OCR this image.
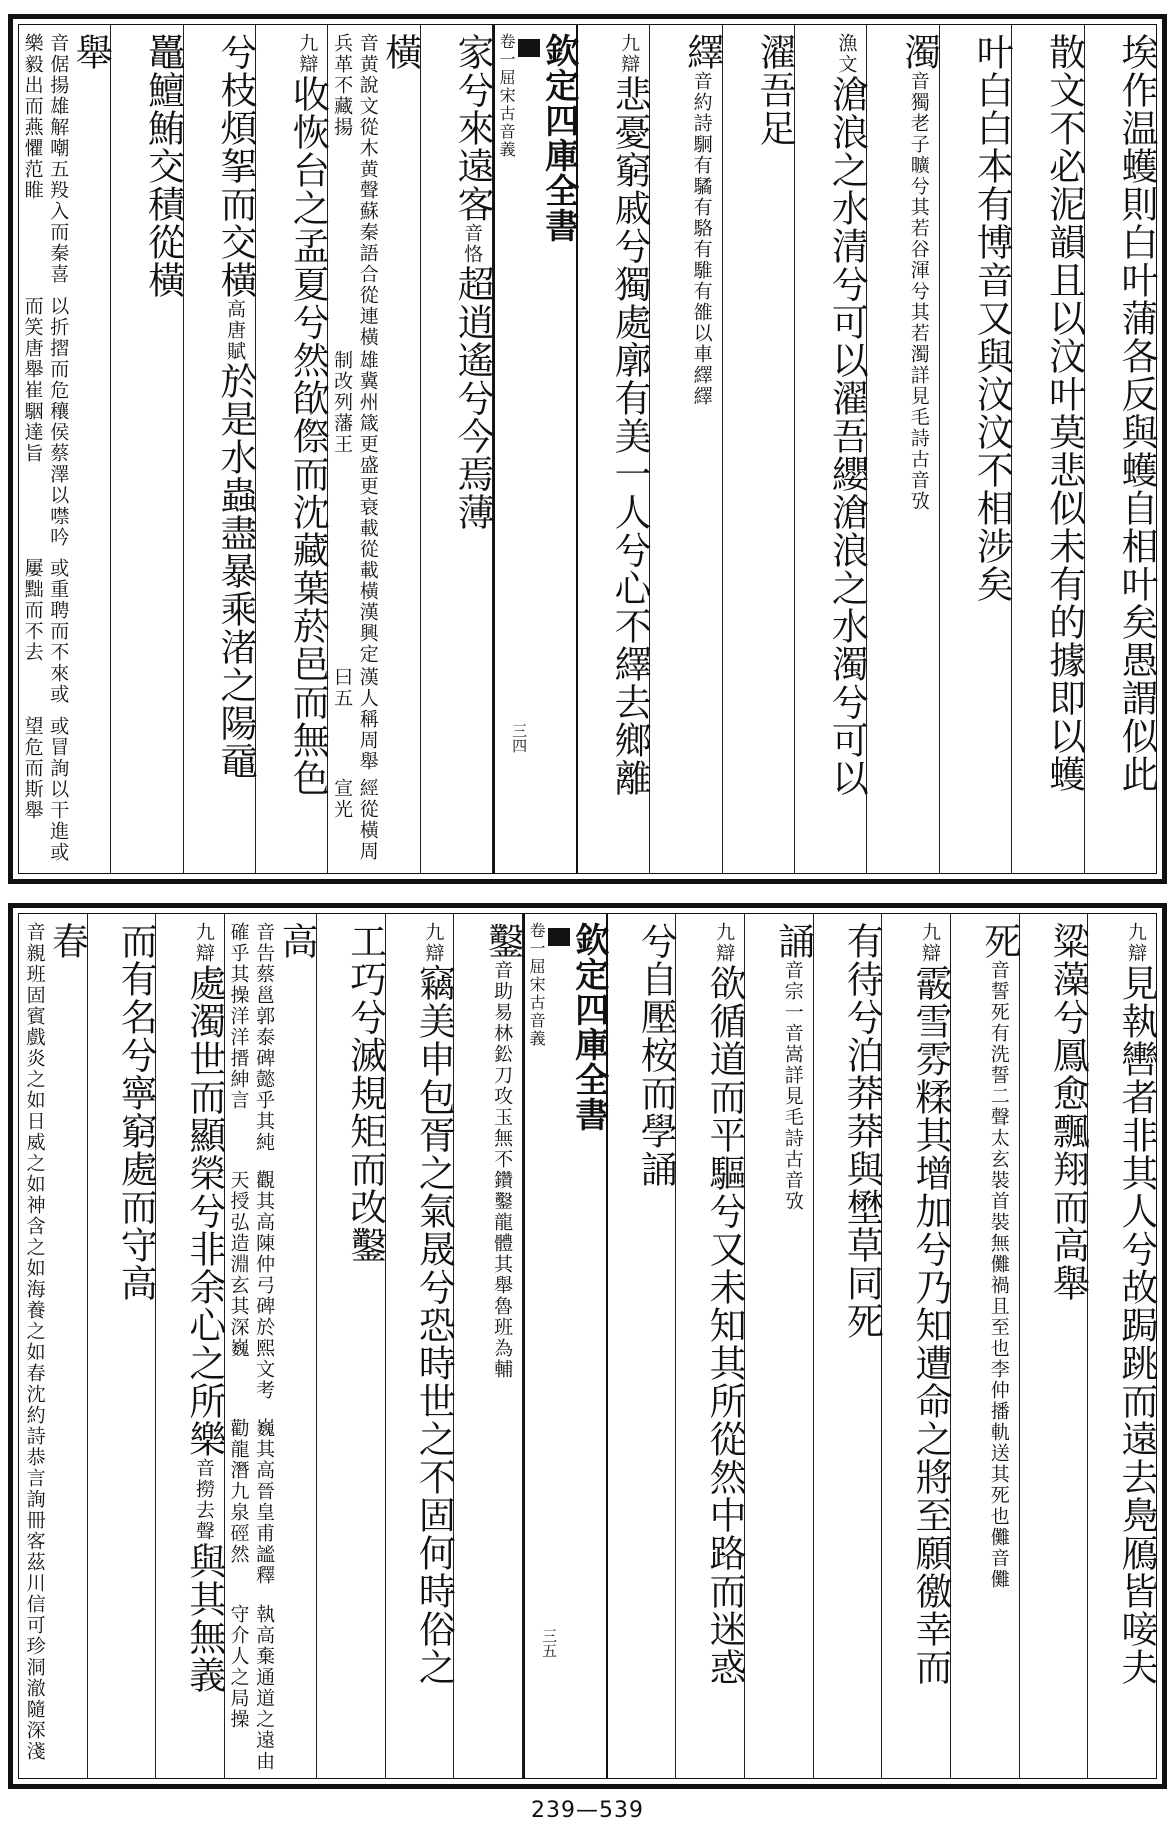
埃作温蠖則白叶蒲各反與蠖自相叶矣愚謂似此
散文不必泥韻且以汶叶莫悲似未有的據即以蠖
叶白白本有博音又與汶汶不相涉矣
濁
音獨老子曠兮其若谷渾兮
其若濁詳見毛詩古音攷
漁文滄浪之水清兮可以濯吾纓滄浪之水濁兮可以
濯吾足
繹
音約詩駉有驈有駱
有騅有雒以車繹繹
九辯悲憂窮戚兮獨處廓有美一人兮心不繹去鄉離
欽定四庫全書
卷一屈宋古音義
三四
家兮來遠客音恪超逍遙兮今焉薄
橫
音黄說文從木黄聲蘇秦語合從連橫兵革不藏揚
雄冀州箴更盛更衰載從載橫漢興定制改列藩王
漢人稱周舉曰五
經從橫周宣光
九辯收恢台之孟夏兮然欿傺而沈藏葉菸邑而無色
兮枝煩挐而交橫高唐賦於是水蟲盡暴乘渚之陽黿
鼉鱣鮪交積從橫
舉
音倨揚雄解嘲五羖入而秦喜樂毅出而燕懼范睢
以折摺而危穰侯蔡澤以噤吟而笑唐舉崔駰達旨
或重聘而不來或屢黜而不去
或冒詢以干進或望危而斯舉
九辯見執轡者非其人兮故跼跳而遠去鳧鴈皆唼夫
粱藻兮鳳愈飄翔而高舉
死
音誓死有洗誓二聲太玄裝首裝無儺
禍且至也李仲播軌送其死也儺音儺
九辯霰雪雰糅其增加兮乃知遭命之將至願徼幸而
有待兮泊莽莽與壄草同死
誦
音宗一音嵩詳
見毛詩古音攷
九辯欲循道而平驅兮又未知其所從然中路而迷惑
兮自壓桉而學誦
欽定四庫全書
卷一屈宋古音義
三五
鑿
音助易林鈆刀攻玉無不
鑽鑿龍體其舉魯班為輔
九辯竊美申包胥之氣晟兮恐時世之不固何時俗之
工巧兮滅規矩而改鑿
高
音告蔡邕郭泰碑懿乎其純確乎其操洋洋搢紳言
觀其高陳仲弓碑於熙文考天授弘造淵玄其深巍
巍其高晉皇甫謐釋勸龍潛九泉硜然
執高棄通道之遠由守介人之局操
九辯處濁世而顯榮兮非余心之所樂音撈去聲與其無義
而有名兮寧窮處而守高
春
音親班固賓戲炎之如日威之如神含之如海養之
如春沈約詩恭言詢冊客茲川信可珍洞澈隨深淺
239—539
